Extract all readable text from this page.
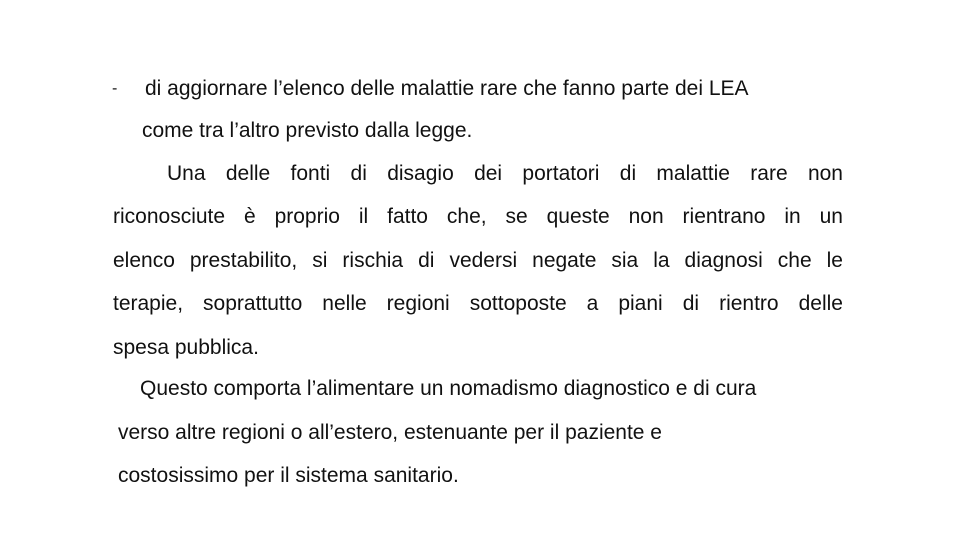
- di aggiornare l’elenco delle malattie rare che fanno parte dei LEA
come tra l’altro previsto dalla legge.
Una delle fonti di disagio dei portatori di malattie rare non
riconosciute è proprio il fatto che, se queste non rientrano in un
elenco prestabilito, si rischia di vedersi negate sia la diagnosi che le
terapie, soprattutto nelle regioni sottoposte a piani di rientro delle
spesa pubblica.
Questo comporta l’alimentare un nomadismo diagnostico e di cura
verso altre regioni o all’estero, estenuante per il paziente e
costosissimo per il sistema sanitario.
